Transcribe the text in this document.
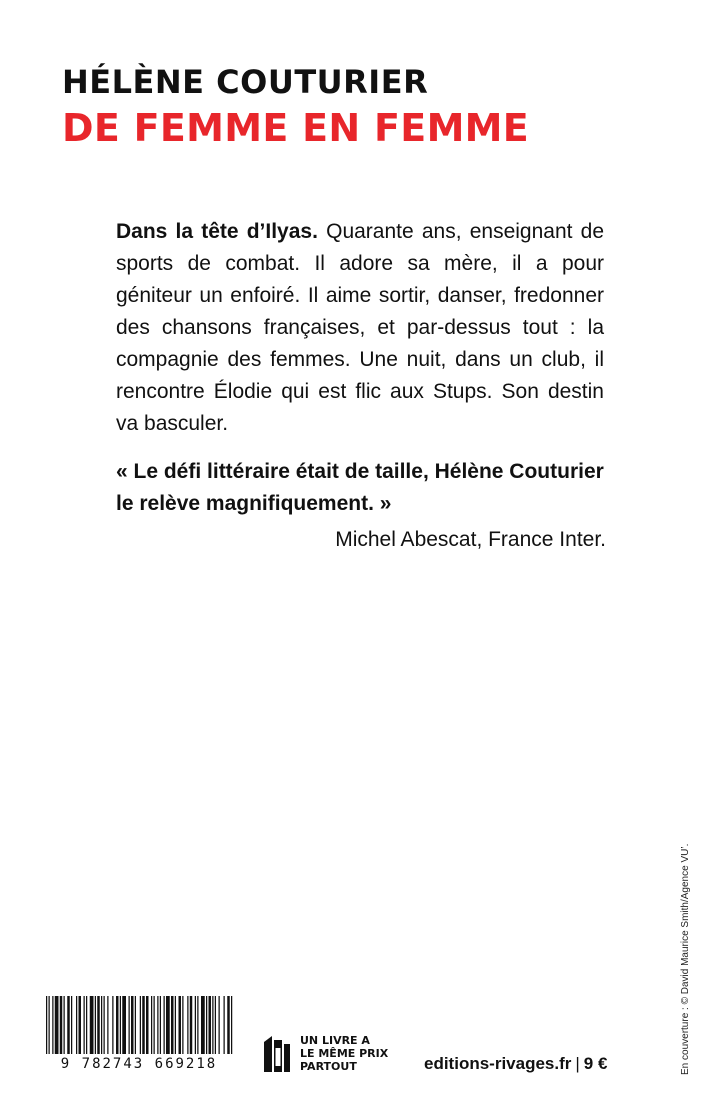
HÉLÈNE COUTURIER
DE FEMME EN FEMME

Dans la tête d’Ilyas. Quarante ans, enseignant de sports de combat. Il adore sa mère, il a pour géniteur un enfoiré. Il aime sortir, danser, fredonner des chansons françaises, et par-dessus tout : la compagnie des femmes. Une nuit, dans un club, il rencontre Élodie qui est flic aux Stups. Son destin va basculer.

« Le défi littéraire était de taille, Hélène Couturier le relève magnifiquement. »

Michel Abescat, France Inter.

En couverture : © David Maurice Smith/Agence VU’.
9 782743 669218

UN LIVRE A
LE MÊME PRIX
PARTOUT	editions-rivages.fr | 9 €
